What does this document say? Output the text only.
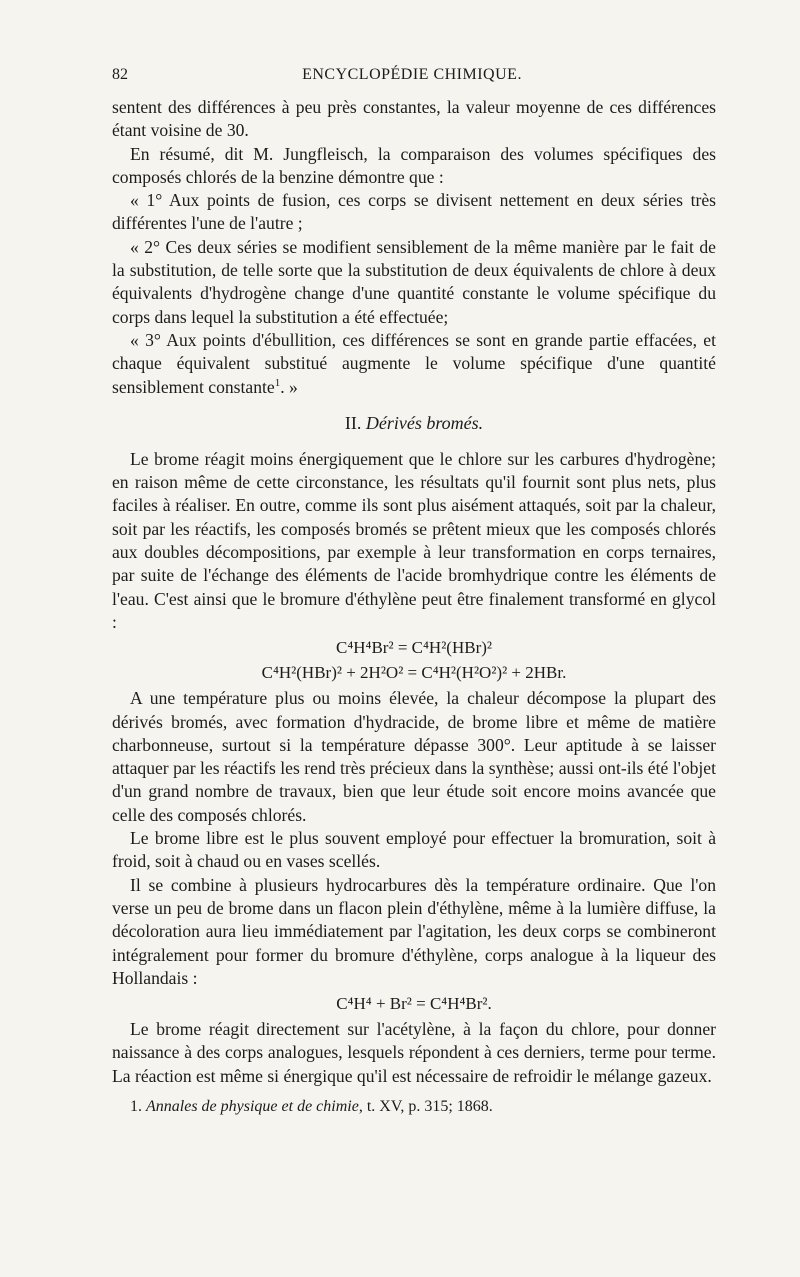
82	ENCYCLOPÉDIE CHIMIQUE.

sentent des différences à peu près constantes, la valeur moyenne de ces différences étant voisine de 30.

En résumé, dit M. Jungfleisch, la comparaison des volumes spécifiques des composés chlorés de la benzine démontre que :

« 1° Aux points de fusion, ces corps se divisent nettement en deux séries très différentes l'une de l'autre ;

« 2° Ces deux séries se modifient sensiblement de la même manière par le fait de la substitution, de telle sorte que la substitution de deux équivalents de chlore à deux équivalents d'hydrogène change d'une quantité constante le volume spécifique du corps dans lequel la substitution a été effectuée;

« 3° Aux points d'ébullition, ces différences se sont en grande partie effacées, et chaque équivalent substitué augmente le volume spécifique d'une quantité sensiblement constante$^1$. »

II. Dérivés bromés.

Le brome réagit moins énergiquement que le chlore sur les carbures d'hydrogène; en raison même de cette circonstance, les résultats qu'il fournit sont plus nets, plus faciles à réaliser. En outre, comme ils sont plus aisément attaqués, soit par la chaleur, soit par les réactifs, les composés bromés se prêtent mieux que les composés chlorés aux doubles décompositions, par exemple à leur transformation en corps ternaires, par suite de l'échange des éléments de l'acide bromhydrique contre les éléments de l'eau. C'est ainsi que le bromure d'éthylène peut être finalement transformé en glycol :

C⁴H⁴Br² = C⁴H²(HBr)²
C⁴H²(HBr)² + 2H²O² = C⁴H²(H²O²)² + 2HBr.

A une température plus ou moins élevée, la chaleur décompose la plupart des dérivés bromés, avec formation d'hydracide, de brome libre et même de matière charbonneuse, surtout si la température dépasse 300°. Leur aptitude à se laisser attaquer par les réactifs les rend très précieux dans la synthèse; aussi ont-ils été l'objet d'un grand nombre de travaux, bien que leur étude soit encore moins avancée que celle des composés chlorés.

Le brome libre est le plus souvent employé pour effectuer la bromuration, soit à froid, soit à chaud ou en vases scellés.

Il se combine à plusieurs hydrocarbures dès la température ordinaire. Que l'on verse un peu de brome dans un flacon plein d'éthylène, même à la lumière diffuse, la décoloration aura lieu immédiatement par l'agitation, les deux corps se combineront intégralement pour former du bromure d'éthylène, corps analogue à la liqueur des Hollandais :

C⁴H⁴ + Br² = C⁴H⁴Br².

Le brome réagit directement sur l'acétylène, à la façon du chlore, pour donner naissance à des corps analogues, lesquels répondent à ces derniers, terme pour terme. La réaction est même si énergique qu'il est nécessaire de refroidir le mélange gazeux.

1. Annales de physique et de chimie, t. XV, p. 315; 1868.
